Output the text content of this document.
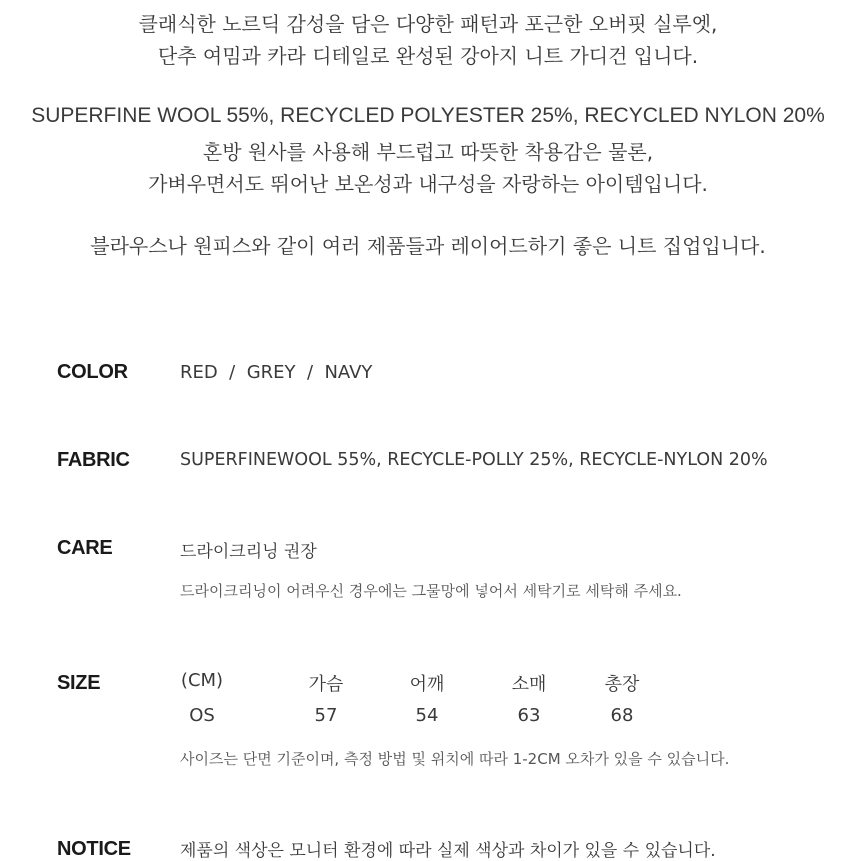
클래식한 노르딕 감성을 담은 다양한 패턴과 포근한 오버핏 실루엣,
단추 여밈과 카라 디테일로 완성된 강아지 니트 가디건 입니다.
SUPERFINE WOOL 55%, RECYCLED POLYESTER 25%, RECYCLED NYLON 20%
혼방 원사를 사용해 부드럽고 따뜻한 착용감은 물론,
가벼우면서도 뛰어난 보온성과 내구성을 자랑하는 아이템입니다.
블라우스나 원피스와 같이 여러 제품들과 레이어드하기 좋은 니트 집업입니다.
COLOR	RED  /  GREY  /  NAVY
FABRIC	SUPERFINEWOOL 55%, RECYCLE-POLLY 25%, RECYCLE-NYLON 20%
CARE	드라이크리닝 권장
드라이크리닝이 어려우신 경우에는 그물망에 넣어서 세탁기로 세탁해 주세요.
SIZE	(CM)	가슴	어깨	소매	총장
OS	57	54	63	68
사이즈는 단면 기준이며, 측정 방법 및 위치에 따라 1-2CM 오차가 있을 수 있습니다.
NOTICE	제품의 색상은 모니터 환경에 따라 실제 색상과 차이가 있을 수 있습니다.
